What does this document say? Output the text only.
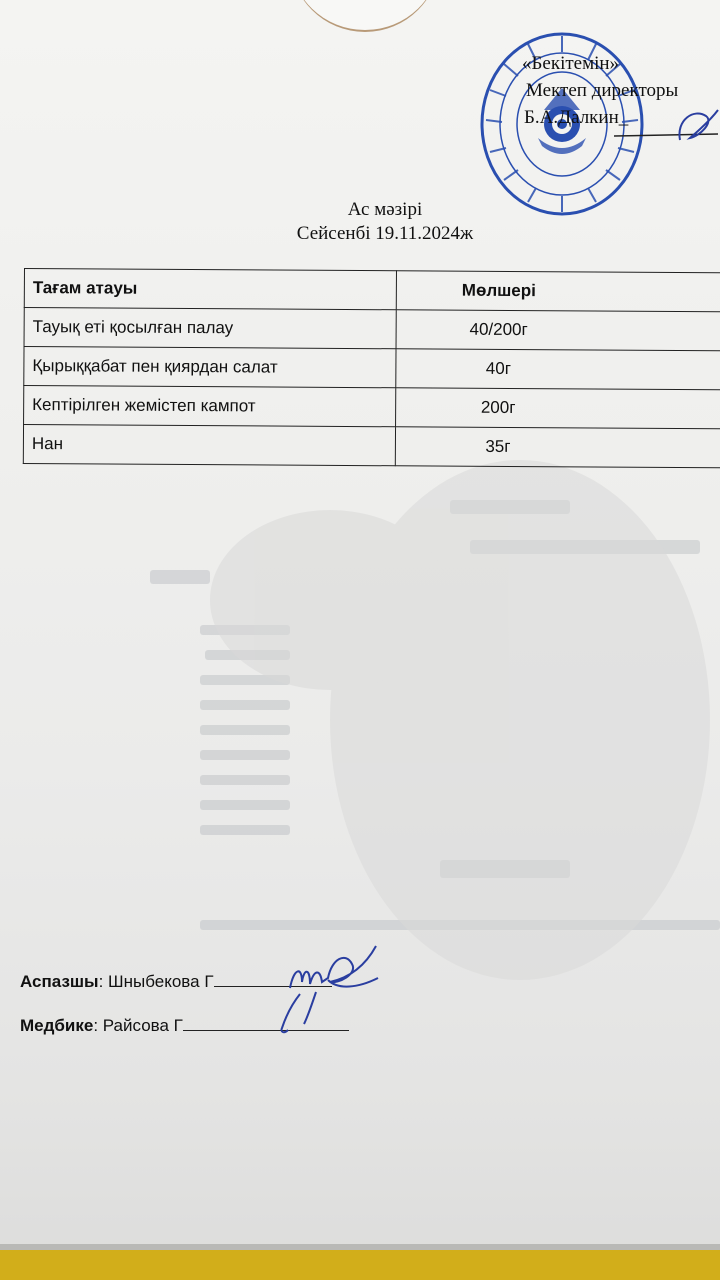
«Бекітемін»
Мектеп директоры
Б.А.Далкин_
Ас мәзірі
Сейсенбі 19.11.2024ж
Тағам атауы	Мөлшері
Тауық еті қосылған палау	40/200г
Қырыққабат пен қиярдан салат	40г
Кептірілген жемістеп кампот	200г
Нан	35г
Аспазшы: Шныбекова Г
Медбике: Райсова Г
